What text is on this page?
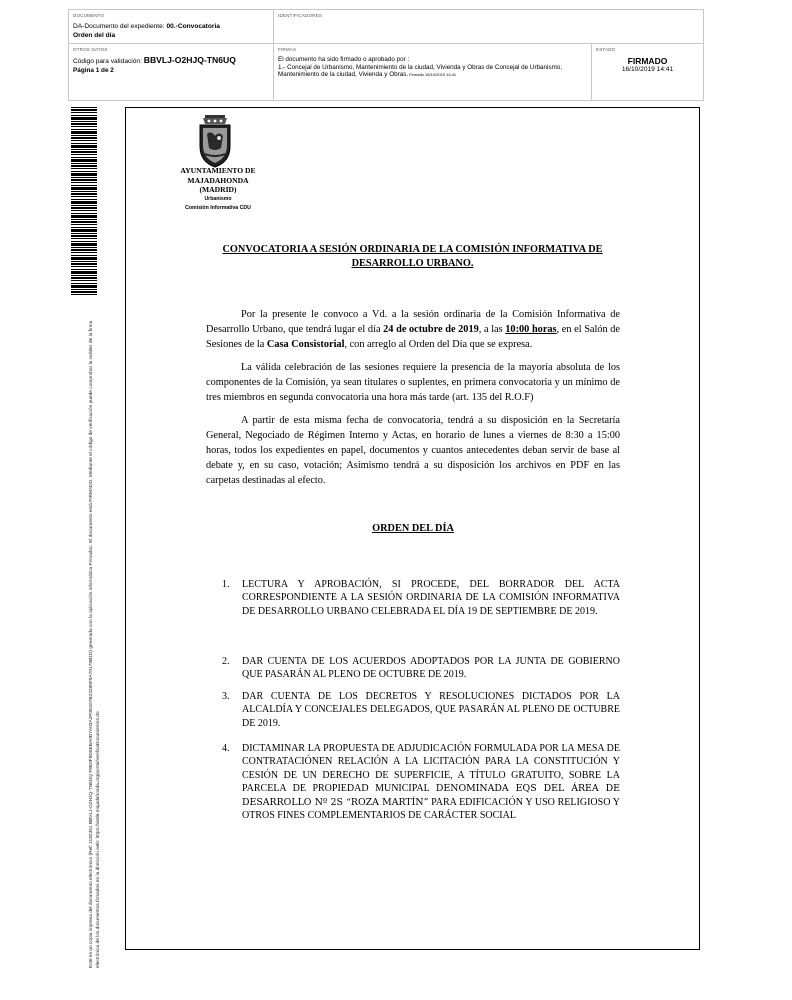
DOCUMENTO
DA-Documento del expediente: 00.-Convocatoria
Orden del día
IDENTIFICADORES
OTROS DATOS
Código para validación: BBVLJ-O2HJQ-TN6UQ
Página 1 de 2
FIRMAS
El documento ha sido firmado o aprobado por :
1.- Concejal de Urbanismo, Mantenimiento de la ciudad, Vivienda y Obras de Concejal de Urbanismo, Mantenimiento de la ciudad, Vivienda y Obras. Firmado 16/10/2019 14:41
ESTADO
FIRMADO
16/10/2019 14:41
Este es un copia impresa del documento electrónico (Ref: 1182351 BBVLJ-O2HJQ-TN6UQ F8E0F9D5EBA0D7A03A2F081D7B23295F9A70179B1D) generada con la aplicación informática Firmadoc. El documento está FIRMADO. Mediante el código de verificación puede comprobar la validez de la firma electrónica de los documentos firmados en la dirección web: https://sede.majadahonda.org/portal/verificaDocumentos.do
AYUNTAMIENTO DE
MAJADAHONDA
(MADRID)
Urbanismo
Comisión Informativa CDU
CONVOCATORIA A SESIÓN ORDINARIA DE LA COMISIÓN INFORMATIVA DE DESARROLLO URBANO.
Por la presente le convoco a Vd. a la sesión ordinaria de la Comisión Informativa de Desarrollo Urbano, que tendrá lugar el día 24 de octubre de 2019, a las 10:00 horas, en el Salón de Sesiones de la Casa Consistorial, con arreglo al Orden del Día que se expresa.
La válida celebración de las sesiones requiere la presencia de la mayoría absoluta de los componentes de la Comisión, ya sean titulares o suplentes, en primera convocatoria y un mínimo de tres miembros en segunda convocatoria una hora más tarde (art. 135 del R.O.F)
A partir de esta misma fecha de convocatoria, tendrá a su disposición en la Secretaría General, Negociado de Régimen Interno y Actas, en horario de lunes a viernes de 8:30 a 15:00 horas, todos los expedientes en papel, documentos y cuantos antecedentes deban servir de base al debate y, en su caso, votación; Asimismo tendrá a su disposición los archivos en PDF en las carpetas destinadas al efecto.
ORDEN DEL DÍA
1.	LECTURA Y APROBACIÓN, SI PROCEDE, DEL BORRADOR DEL ACTA CORRESPONDIENTE A LA SESIÓN ORDINARIA DE LA COMISIÓN INFORMATIVA DE DESARROLLO URBANO CELEBRADA EL DÍA 19 DE SEPTIEMBRE DE 2019.
2.	DAR CUENTA DE LOS ACUERDOS ADOPTADOS POR LA JUNTA DE GOBIERNO QUE PASARÁN AL PLENO DE OCTUBRE DE 2019.
3.	DAR CUENTA DE LOS DECRETOS Y RESOLUCIONES DICTADOS POR LA ALCALDÍA Y CONCEJALES DELEGADOS, QUE PASARÁN AL PLENO DE OCTUBRE DE 2019.
4.	DICTAMINAR LA PROPUESTA DE ADJUDICACIÓN FORMULADA POR LA MESA DE CONTRATACIÓNEN RELACIÓN A LA LICITACIÓN PARA LA CONSTITUCIÓN Y CESIÓN DE UN DERECHO DE SUPERFICIE, A TÍTULO GRATUITO, SOBRE LA PARCELA DE PROPIEDAD MUNICIPAL DENOMINADA EQS DEL ÁREA DE DESARROLLO Nº 2S “ROZA MARTÍN” PARA EDIFICACIÓN Y USO RELIGIOSO Y OTROS FINES COMPLEMENTARIOS DE CARÁCTER SOCIAL
